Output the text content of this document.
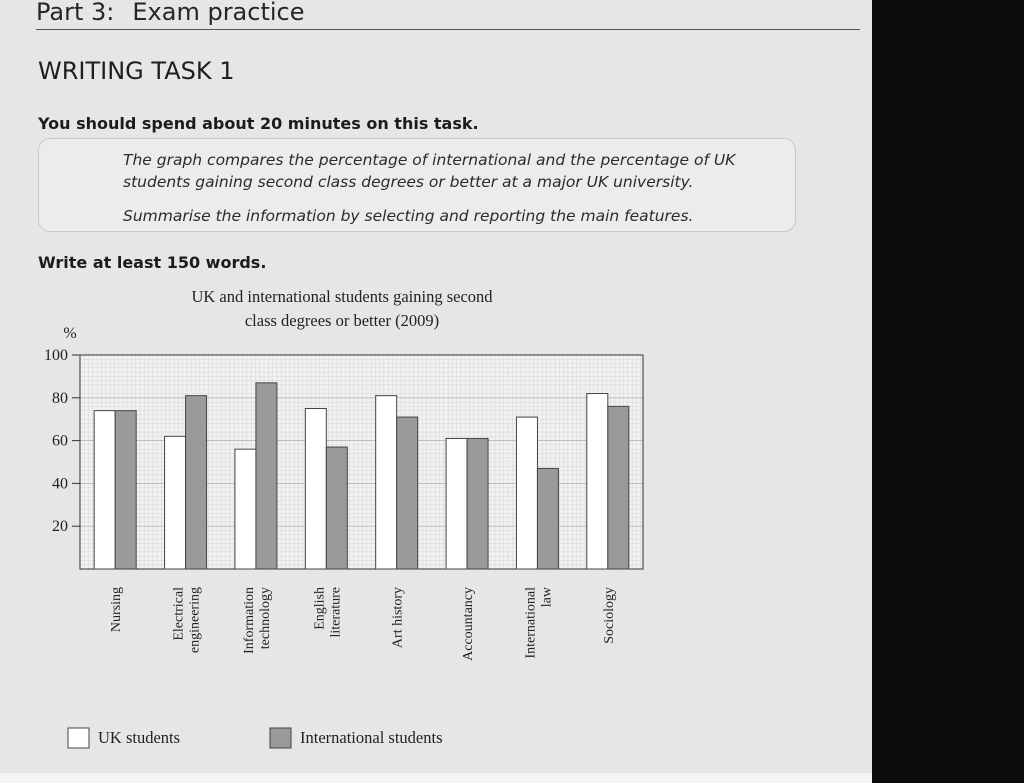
Part 3: Exam practice
WRITING TASK 1
You should spend about 20 minutes on this task.

The graph compares the percentage of international and the percentage of UK students gaining second class degrees or better at a major UK university.

Summarise the information by selecting and reporting the main features.

Write at least 150 words.
20
40
60
80
100
%
UK and international students gaining second
class degrees or better (2009)
Nursing	Electrical engineering	Information technology	English literature	Art history	Accountancy	International law	Sociology
UK students	International students
